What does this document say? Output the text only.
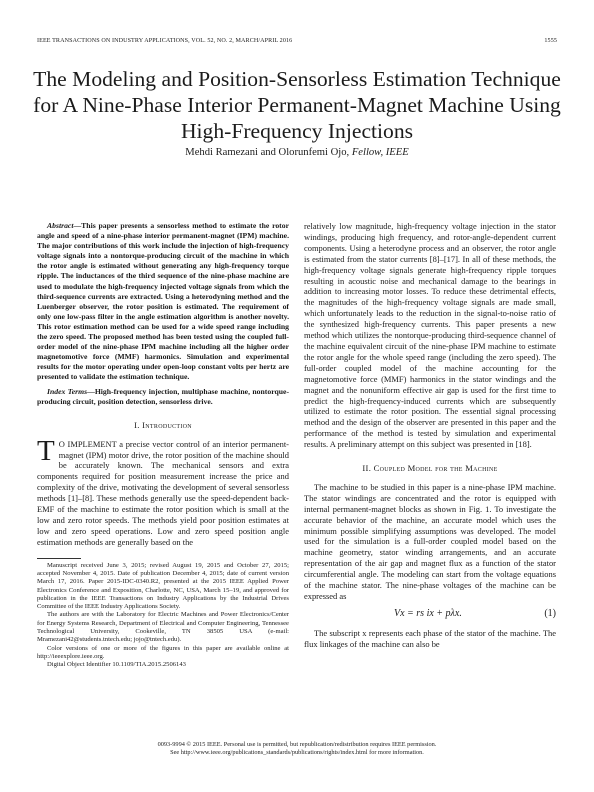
IEEE TRANSACTIONS ON INDUSTRY APPLICATIONS, VOL. 52, NO. 2, MARCH/APRIL 2016	1555
The Modeling and Position-Sensorless Estimation Technique for A Nine-Phase Interior Permanent-Magnet Machine Using High-Frequency Injections
Mehdi Ramezani and Olorunfemi Ojo, Fellow, IEEE

Abstract—This paper presents a sensorless method to estimate the rotor angle and speed of a nine-phase interior permanent-magnet (IPM) machine. The major contributions of this work include the injection of high-frequency voltage signals into a nontorque-producing circuit of the machine in which the rotor angle is estimated without generating any high-frequency torque ripple. The inductances of the third sequence of the nine-phase machine are used to modulate the high-frequency injected voltage signals from which the third-sequence currents are extracted. Using a heterodyning method and the Luenberger observer, the rotor position is estimated. The requirement of only one low-pass filter in the angle estimation algorithm is another novelty. This rotor estimation method can be used for a wide speed range including the zero speed. The proposed method has been tested using the coupled full-order model of the nine-phase IPM machine including all the higher order magnetomotive force (MMF) harmonics. Simulation and experimental results for the motor operating under open-loop constant volts per hertz are presented to validate the estimation technique.

Index Terms—High-frequency injection, multiphase machine, nontorque-producing circuit, position detection, sensorless drive.

I. Introduction

T O IMPLEMENT a precise vector control of an interior permanent-magnet (IPM) motor drive, the rotor position of the machine should be accurately known. The mechanical sensors and extra components required for position measurement increase the price and complexity of the drive, motivating the development of several sensorless methods [1]–[8]. These methods generally use the speed-dependent back-EMF of the machine to estimate the rotor position which is small at the low and zero rotor speeds. The methods yield poor position estimates at low and zero speed operations. Low and zero speed position angle estimation methods are generally based on the

Manuscript received June 3, 2015; revised August 19, 2015 and October 27, 2015; accepted November 4, 2015. Date of publication December 4, 2015; date of current version March 17, 2016. Paper 2015-IDC-0340.R2, presented at the 2015 IEEE Applied Power Electronics Conference and Exposition, Charlotte, NC, USA, March 15–19, and approved for publication in the IEEE Transactions on Industry Applications by the Industrial Drives Committee of the IEEE Industry Applications Society.

The authors are with the Laboratory for Electric Machines and Power Electronics/Center for Energy Systems Research, Department of Electrical and Computer Engineering, Tennessee Technological University, Cookeville, TN 38505 USA (e-mail: Mramezani42@students.tntech.edu; jojo@tntech.edu).

Color versions of one or more of the figures in this paper are available online at http://ieeexplore.ieee.org.

Digital Object Identifier 10.1109/TIA.2015.2506143

relatively low magnitude, high-frequency voltage injection in the stator windings, producing high frequency, and rotor-angle-dependent current components. Using a heterodyne process and an observer, the rotor angle is estimated from the stator currents [8]–[17]. In all of these methods, the high-frequency voltage signals generate high-frequency ripple torques resulting in acoustic noise and mechanical damage to the bearings in addition to increasing motor losses. To reduce these detrimental effects, the magnitudes of the high-frequency voltage signals are made small, which unfortunately leads to the reduction in the signal-to-noise ratio of the synthesized high-frequency currents. This paper presents a new method which utilizes the nontorque-producing third-sequence channel of the machine equivalent circuit of the nine-phase IPM machine to estimate the rotor angle for the whole speed range (including the zero speed). The full-order coupled model of the machine accounting for the magnetomotive force (MMF) harmonics in the stator windings and the magnet and the nonuniform effective air gap is used for the first time to predict the high-frequency-induced currents which are subsequently utilized to estimate the rotor position. The essential signal processing method and the design of the observer are presented in this paper and the performance of the method is tested by simulation and experimental results. A preliminary attempt on this subject was presented in [18].

II. Coupled Model for the Machine

The machine to be studied in this paper is a nine-phase IPM machine. The stator windings are concentrated and the rotor is equipped with internal permanent-magnet blocks as shown in Fig. 1. To investigate the accurate behavior of the machine, an accurate model which uses the minimum possible simplifying assumptions was developed. The model used for the simulation is a full-order coupled model based on the machine geometry, stator winding arrangements, and an accurate representation of the air gap and magnet flux as a function of the stator circumferential angle. The modeling can start from the voltage equations of the machine stator. The nine-phase voltages of the machine can be expressed as

Vx = rs ix + pλx.	(1)

The subscript x represents each phase of the stator of the machine. The flux linkages of the machine can also be

0093-9994 © 2015 IEEE. Personal use is permitted, but republication/redistribution requires IEEE permission.
See http://www.ieee.org/publications_standards/publications/rights/index.html for more information.
